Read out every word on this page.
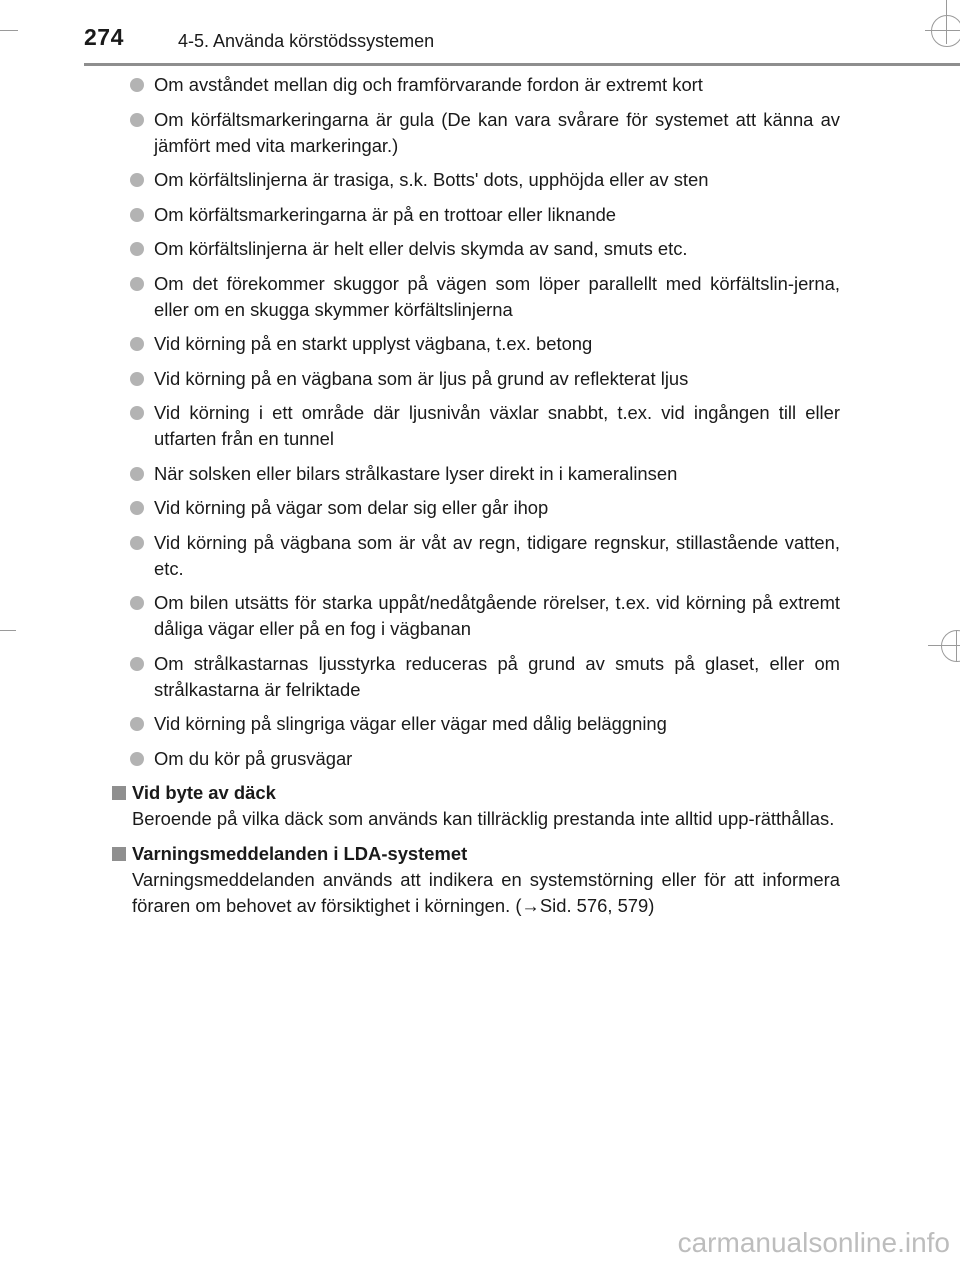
274	4-5. Använda körstödssystemen
Om avståndet mellan dig och framförvarande fordon är extremt kort
Om körfältsmarkeringarna är gula (De kan vara svårare för systemet att känna av jämfört med vita markeringar.)
Om körfältslinjerna är trasiga, s.k. Botts' dots, upphöjda eller av sten
Om körfältsmarkeringarna är på en trottoar eller liknande
Om körfältslinjerna är helt eller delvis skymda av sand, smuts etc.
Om det förekommer skuggor på vägen som löper parallellt med körfältslin-jerna, eller om en skugga skymmer körfältslinjerna
Vid körning på en starkt upplyst vägbana, t.ex. betong
Vid körning på en vägbana som är ljus på grund av reflekterat ljus
Vid körning i ett område där ljusnivån växlar snabbt, t.ex. vid ingången till eller utfarten från en tunnel
När solsken eller bilars strålkastare lyser direkt in i kameralinsen
Vid körning på vägar som delar sig eller går ihop
Vid körning på vägbana som är våt av regn, tidigare regnskur, stillastående vatten, etc.
Om bilen utsätts för starka uppåt/nedåtgående rörelser, t.ex. vid körning på extremt dåliga vägar eller på en fog i vägbanan
Om strålkastarnas ljusstyrka reduceras på grund av smuts på glaset, eller om strålkastarna är felriktade
Vid körning på slingriga vägar eller vägar med dålig beläggning
Om du kör på grusvägar
Vid byte av däck
Beroende på vilka däck som används kan tillräcklig prestanda inte alltid upp-rätthållas.
Varningsmeddelanden i LDA-systemet
Varningsmeddelanden används att indikera en systemstörning eller för att informera föraren om behovet av försiktighet i körningen. (→Sid. 576, 579)
carmanualsonline.info
